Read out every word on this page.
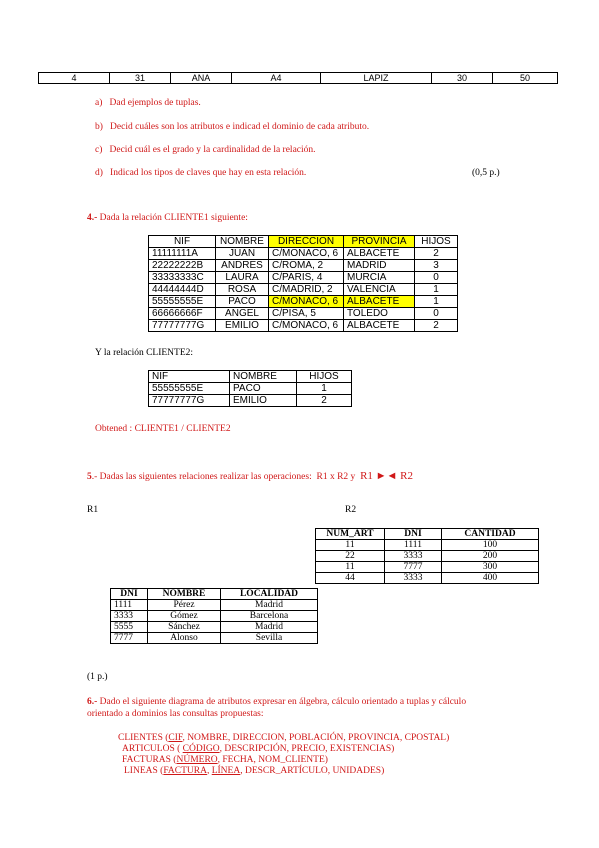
4	31	ANA	A4	LAPIZ	30	50
a) Dad ejemplos de tuplas.
b) Decid cuáles son los atributos e indicad el dominio de cada atributo.
c) Decid cuál es el grado y la cardinalidad de la relación.
d) Indicad los tipos de claves que hay en esta relación.	(0,5 p.)
4.- Dada la relación CLIENTE1 siguiente:
NIF	NOMBRE	DIRECCION	PROVINCIA	HIJOS
11111111A	JUAN	C/MONACO, 6	ALBACETE	2
22222222B	ANDRES	C/ROMA, 2	MADRID	3
33333333C	LAURA	C/PARIS, 4	MURCIA	0
44444444D	ROSA	C/MADRID, 2	VALENCIA	1
55555555E	PACO	C/MONACO, 6	ALBACETE	1
66666666F	ANGEL	C/PISA, 5	TOLEDO	0
77777777G	EMILIO	C/MONACO, 6	ALBACETE	2
Y la relación CLIENTE2:
NIF	NOMBRE	HIJOS
55555555E	PACO	1
77777777G	EMILIO	2
Obtened : CLIENTE1 / CLIENTE2
5.- Dadas las siguientes relaciones realizar las operaciones: R1 x R2 y R1 ►◄ R2
R1	R2
NUM_ART	DNI	CANTIDAD
11	1111	100
22	3333	200
11	7777	300
44	3333	400
DNI	NOMBRE	LOCALIDAD
1111	Pérez	Madrid
3333	Gómez	Barcelona
5555	Sánchez	Madrid
7777	Alonso	Sevilla
(1 p.)
6.- Dado el siguiente diagrama de atributos expresar en álgebra, cálculo orientado a tuplas y cálculo
orientado a dominios las consultas propuestas:
CLIENTES (CIF, NOMBRE, DIRECCION, POBLACIÓN, PROVINCIA, CPOSTAL)
ARTICULOS ( CÓDIGO, DESCRIPCIÓN, PRECIO, EXISTENCIAS)
FACTURAS (NÚMERO, FECHA, NOM_CLIENTE)
LINEAS (FACTURA, LÍNEA, DESCR_ARTÍCULO, UNIDADES)
